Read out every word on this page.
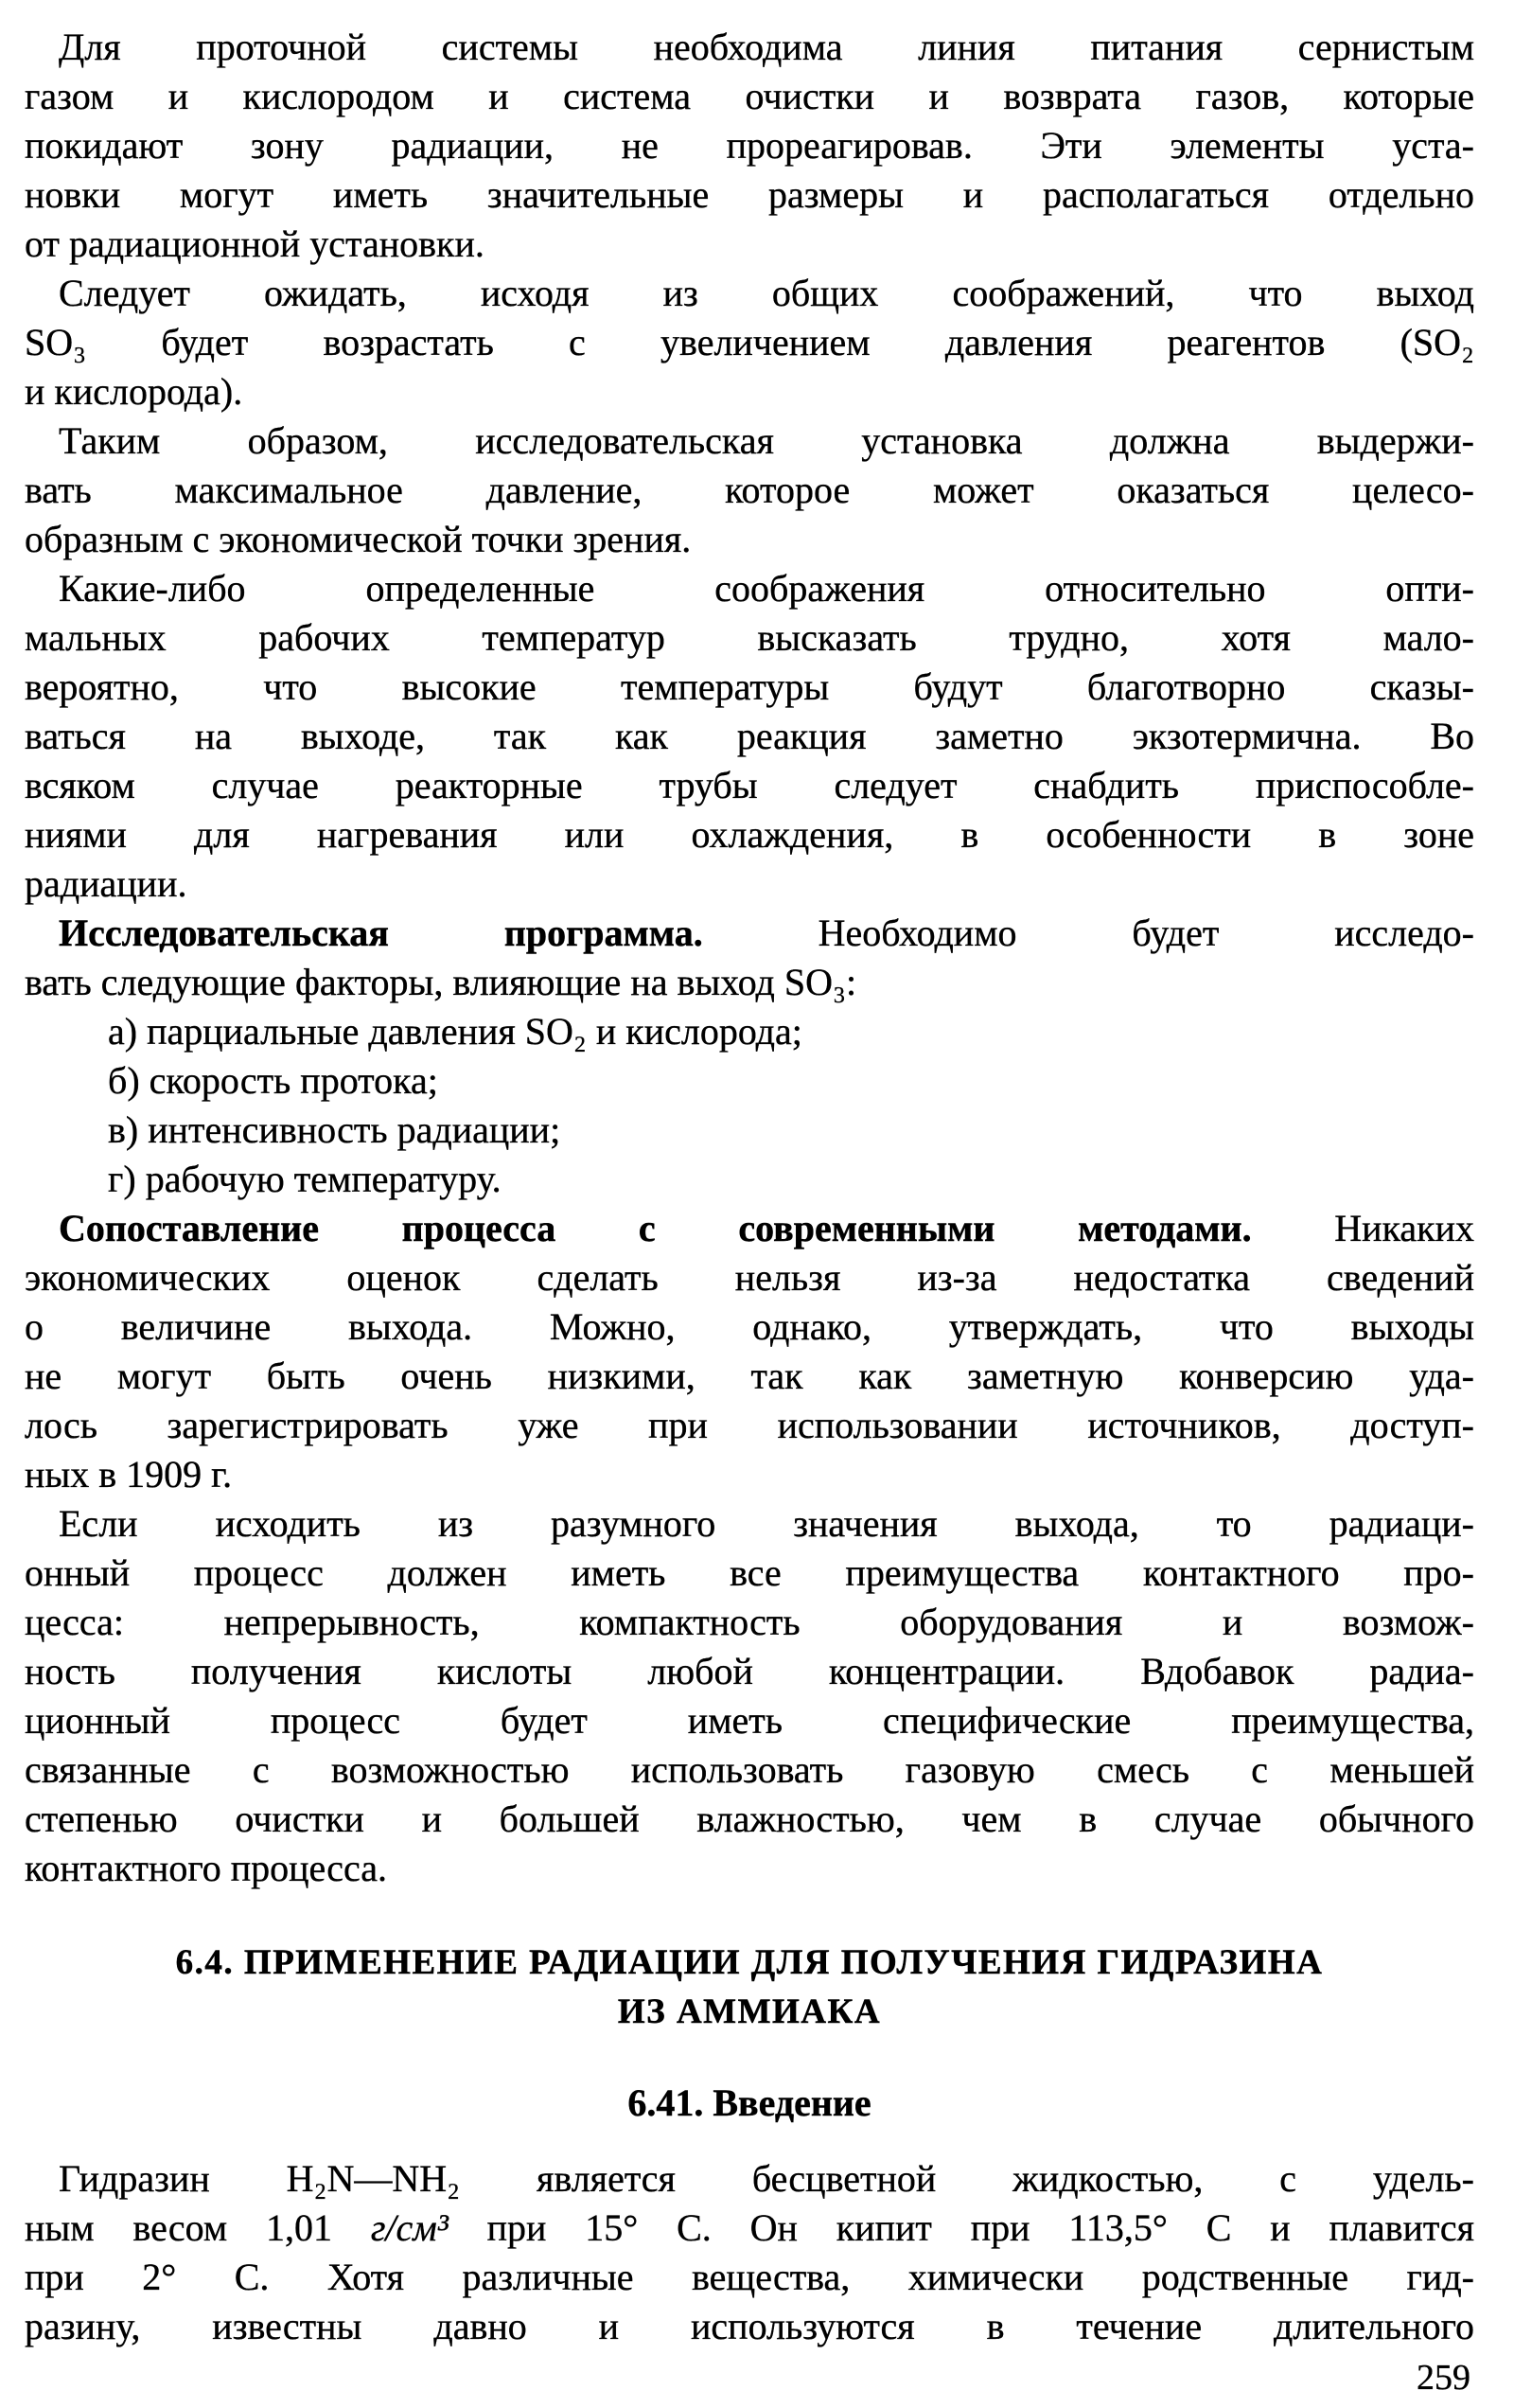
Для проточной системы необходима линия питания сернистым
газом и кислородом и система очистки и возврата газов, которые
покидают зону радиации, не прореагировав. Эти элементы уста-
новки могут иметь значительные размеры и располагаться отдельно
от радиационной установки.
Следует ожидать, исходя из общих соображений, что выход
SO₃ будет возрастать с увеличением давления реагентов (SO₂
и кислорода).
Таким образом, исследовательская установка должна выдержи-
вать максимальное давление, которое может оказаться целесо-
образным с экономической точки зрения.
Какие-либо определенные соображения относительно опти-
мальных рабочих температур высказать трудно, хотя мало-
вероятно, что высокие температуры будут благотворно сказы-
ваться на выходе, так как реакция заметно экзотермична. Во
всяком случае реакторные трубы следует снабдить приспособле-
ниями для нагревания или охлаждения, в особенности в зоне
радиации.
Исследовательская программа. Необходимо будет исследо-
вать следующие факторы, влияющие на выход SO₃:
а) парциальные давления SO₂ и кислорода;
б) скорость протока;
в) интенсивность радиации;
г) рабочую температуру.
Сопоставление процесса с современными методами. Никаких
экономических оценок сделать нельзя из-за недостатка сведений
о величине выхода. Можно, однако, утверждать, что выходы
не могут быть очень низкими, так как заметную конверсию уда-
лось зарегистрировать уже при использовании источников, доступ-
ных в 1909 г.
Если исходить из разумного значения выхода, то радиаци-
онный процесс должен иметь все преимущества контактного про-
цесса: непрерывность, компактность оборудования и возмож-
ность получения кислоты любой концентрации. Вдобавок радиа-
ционный процесс будет иметь специфические преимущества,
связанные с возможностью использовать газовую смесь с меньшей
степенью очистки и большей влажностью, чем в случае обычного
контактного процесса.
6.4. ПРИМЕНЕНИЕ РАДИАЦИИ ДЛЯ ПОЛУЧЕНИЯ ГИДРАЗИНА
ИЗ АММИАКА
6.41. Введение
Гидразин H₂N—NH₂ является бесцветной жидкостью, с удель-
ным весом 1,01 г/см³ при 15° С. Он кипит при 113,5° С и плавится
при 2° С. Хотя различные вещества, химически родственные гид-
разину, известны давно и используются в течение длительного
259
